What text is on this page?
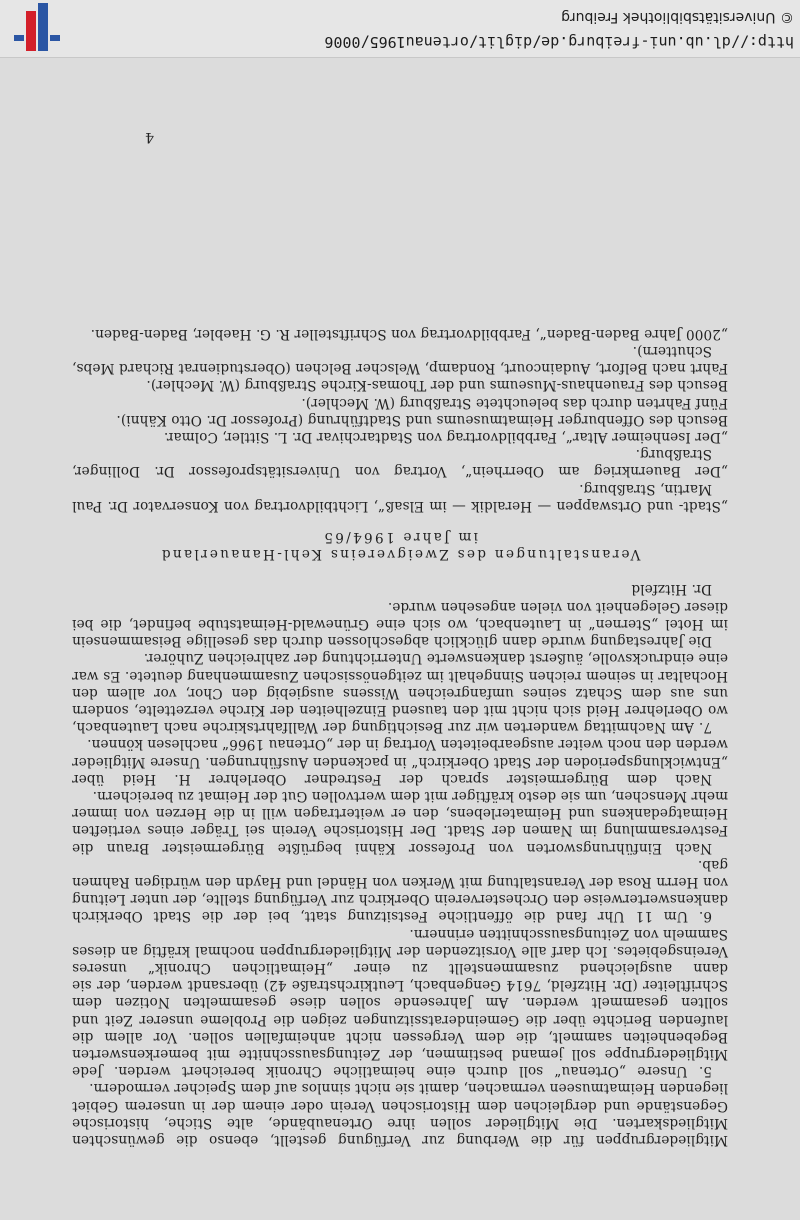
Mitgliedergruppen für die Werbung zur Verfügung gestellt, ebenso die gewünschten Mitgliedskarten. Die Mitglieder sollen ihre Ortenaubände, alte Stiche, historische Gegenstände und dergleichen dem Historischen Verein oder einem der in unserem Gebiet liegenden Heimatmuseen vermachen, damit sie nicht sinnlos auf dem Speicher vermodern.

5. Unsere „Ortenau“ soll durch eine heimatliche Chronik bereichert werden. Jede Mitgliedergruppe soll jemand bestimmen, der Zeitungsausschnitte mit bemerkenswerten Begebenheiten sammelt, die dem Vergessen nicht anheimfallen sollen. Vor allem die laufenden Berichte über die Gemeinderatssitzungen zeigen die Probleme unserer Zeit und sollten gesammelt werden. Am Jahresende sollen diese gesammelten Notizen dem Schriftleiter (Dr. Hitzfeld, 7614 Gengenbach, Leutkirchstraße 42) übersandt werden, der sie dann ausgleichend zusammenstellt zu einer „Heimatlichen Chronik“ unseres Vereinsgebietes. Ich darf alle Vorsitzenden der Mitgliedergruppen nochmal kräftig an dieses Sammeln von Zeitungsausschnitten erinnern.

6. Um 11 Uhr fand die öffentliche Festsitzung statt, bei der die Stadt Oberkirch dankenswerterweise den Orchesterverein Oberkirch zur Verfügung stellte, der unter Leitung von Herrn Rosa der Veranstaltung mit Werken von Händel und Haydn den würdigen Rahmen gab.

Nach Einführungsworten von Professor Kähni begrüßte Bürgermeister Braun die Festversammlung im Namen der Stadt. Der Historische Verein sei Träger eines vertieften Heimatgedankens und Heimaterlebens, den er weitertragen will in die Herzen von immer mehr Menschen, um sie desto kräftiger mit dem wertvollen Gut der Heimat zu bereichern.

Nach dem Bürgermeister sprach der Festredner Oberlehrer H. Heid über „Entwicklungsperioden der Stadt Oberkirch“ in packenden Ausführungen. Unsere Mitglieder werden den noch weiter ausgearbeiteten Vortrag in der „Ortenau 1966“ nachlesen können.

7. Am Nachmittag wanderten wir zur Besichtigung der Wallfahrtskirche nach Lautenbach, wo Oberlehrer Heid sich nicht mit den tausend Einzelheiten der Kirche verzettelte, sondern uns aus dem Schatz seines umfangreichen Wissens ausgiebig den Chor, vor allem den Hochaltar in seinem reichen Sinngehalt im zeitgenössischen Zusammenhang deutete. Es war eine eindrucksvolle, äußerst dankenswerte Unterrichtung der zahlreichen Zuhörer.

Die Jahrestagung wurde dann glücklich abgeschlossen durch das gesellige Beisammensein im Hotel „Sternen“ in Lautenbach, wo sich eine Grünewald-Heimatstube befindet, die bei dieser Gelegenheit von vielen angesehen wurde.

Dr. Hitzfeld

Veranstaltungen des Zweigvereins Kehl-Hanauerland
im Jahre 1964/65

„Stadt- und Ortswappen — Heraldik — im Elsaß“, Lichtbildvortrag von Konservator Dr. Paul Martin, Straßburg.

„Der Bauernkrieg am Oberrhein“, Vortrag von Universitätsprofessor Dr. Dollinger, Straßburg.

„Der Isenheimer Altar“, Farbbildvortrag von Stadtarchivar Dr. L. Sittler, Colmar.

Besuch des Offenburger Heimatmuseums und Stadtführung (Professor Dr. Otto Kähni).

Fünf Fahrten durch das beleuchtete Straßburg (W. Mechler).

Besuch des Frauenhaus-Museums und der Thomas-Kirche Straßburg (W. Mechler).

Fahrt nach Belfort, Audaincourt, Rondamp, Welscher Belchen (Oberstudienrat Richard Mebs, Schuttern).

„2000 Jahre Baden-Baden“, Farbbildvortrag von Schriftsteller R. G. Haebler, Baden-Baden.

4
http://dl.ub.uni-freiburg.de/diglit/ortenau1965/0006
© Universitätsbibliothek Freiburg
